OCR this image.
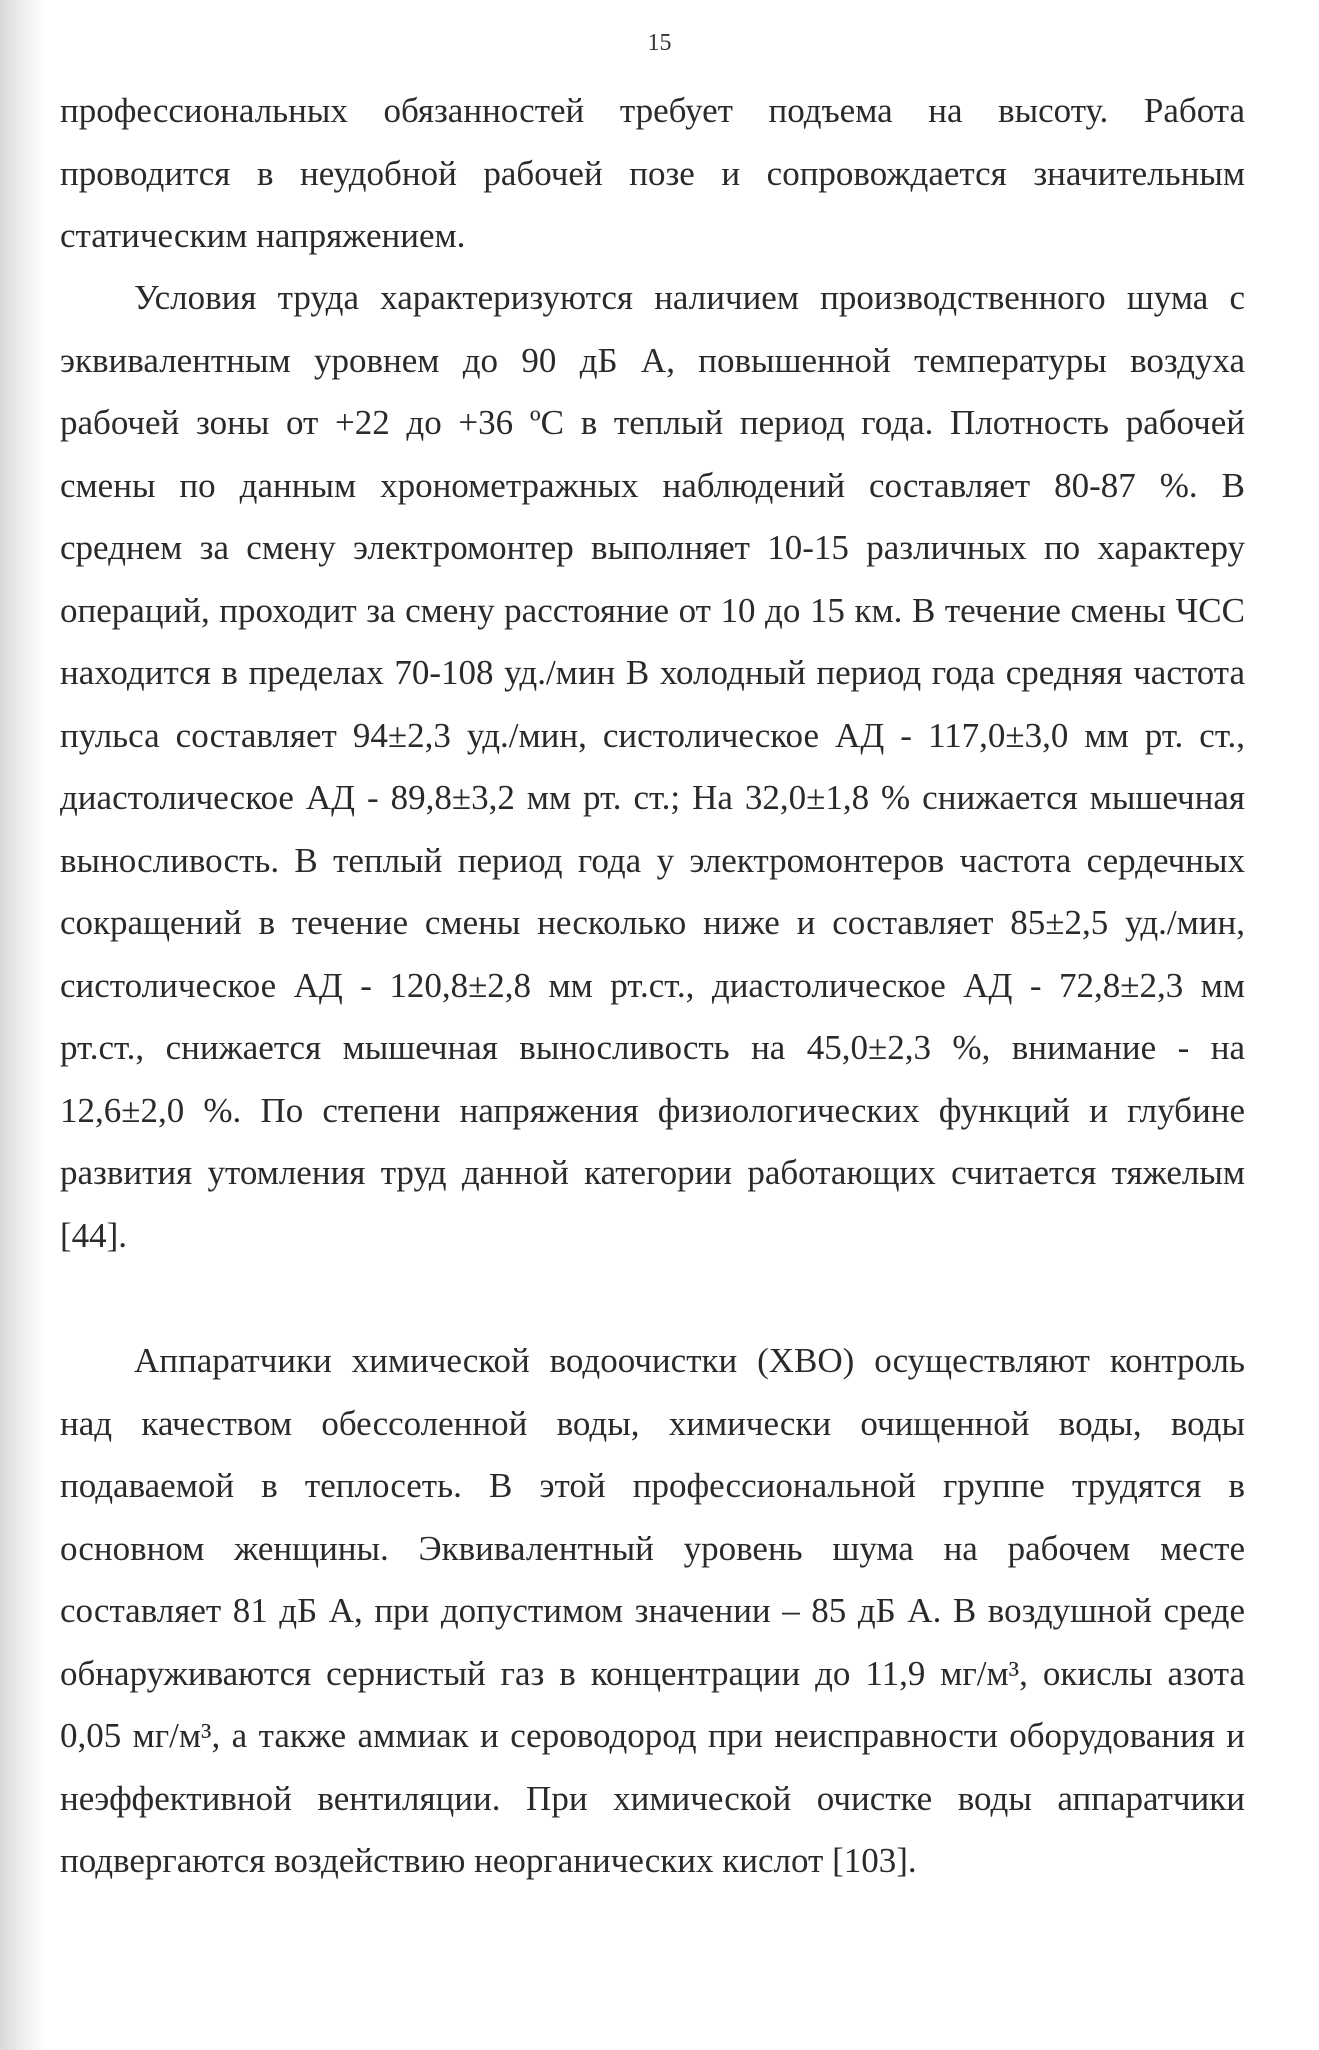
15

профессиональных обязанностей требует подъема на высоту. Работа проводится в неудобной рабочей позе и сопровождается значительным статическим напряжением.

Условия труда характеризуются наличием производственного шума с эквивалентным уровнем до 90 дБ А, повышенной температуры воздуха рабочей зоны от +22 до +36 ºС в теплый период года. Плотность рабочей смены по данным хронометражных наблюдений составляет 80-87 %. В среднем за смену электромонтер выполняет 10-15 различных по характеру операций, проходит за смену расстояние от 10 до 15 км. В течение смены ЧСС находится в пределах 70-108 уд./мин В холодный период года средняя частота пульса составляет 94±2,3 уд./мин, систолическое АД - 117,0±3,0 мм рт. ст., диастолическое АД - 89,8±3,2 мм рт. ст.; На 32,0±1,8 % снижается мышечная выносливость. В теплый период года у электромонтеров частота сердечных сокращений в течение смены несколько ниже и составляет 85±2,5 уд./мин, систолическое АД - 120,8±2,8 мм рт.ст., диастолическое АД - 72,8±2,3 мм рт.ст., снижается мышечная выносливость на 45,0±2,3 %, внимание - на 12,6±2,0 %. По степени напряжения физиологических функций и глубине развития утомления труд данной категории работающих считается тяжелым [44].

Аппаратчики химической водоочистки (ХВО) осуществляют контроль над качеством обессоленной воды, химически очищенной воды, воды подаваемой в теплосеть. В этой профессиональной группе трудятся в основном женщины. Эквивалентный уровень шума на рабочем месте составляет 81 дБ А, при допустимом значении – 85 дБ А. В воздушной среде обнаруживаются сернистый газ в концентрации до 11,9 мг/м³, окислы азота 0,05 мг/м³, а также аммиак и сероводород при неисправности оборудования и неэффективной вентиляции. При химической очистке воды аппаратчики подвергаются воздействию неорганических кислот [103].
